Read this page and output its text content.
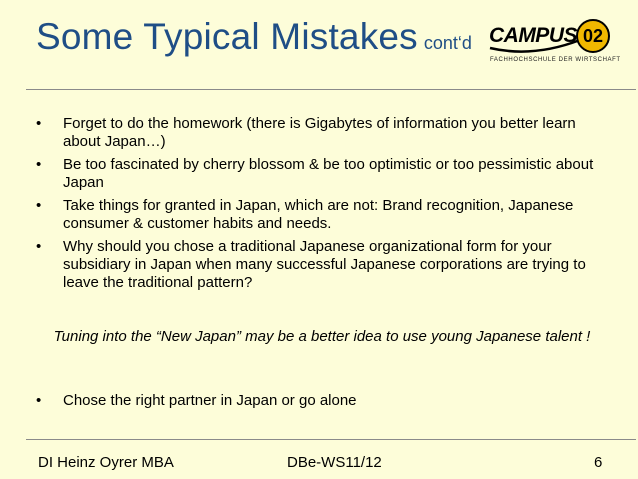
Some Typical Mistakes cont‘d CAMPUS 02
FACHHOCHSCHULE DER WIRTSCHAFT
• Forget to do the homework (there is Gigabytes of information you better learn about Japan…)
• Be too fascinated by cherry blossom & be too optimistic or too pessimistic about Japan
• Take things for granted in Japan, which are not: Brand recognition, Japanese consumer & customer habits and needs.
• Why should you chose a traditional Japanese organizational form for your subsidiary in Japan when many successful Japanese corporations are trying to leave the traditional pattern?
Tuning into the “New Japan” may be a better idea to use young Japanese talent !
• Chose the right partner in Japan or go alone
DI Heinz Oyrer MBA	DBe-WS11/12	6
